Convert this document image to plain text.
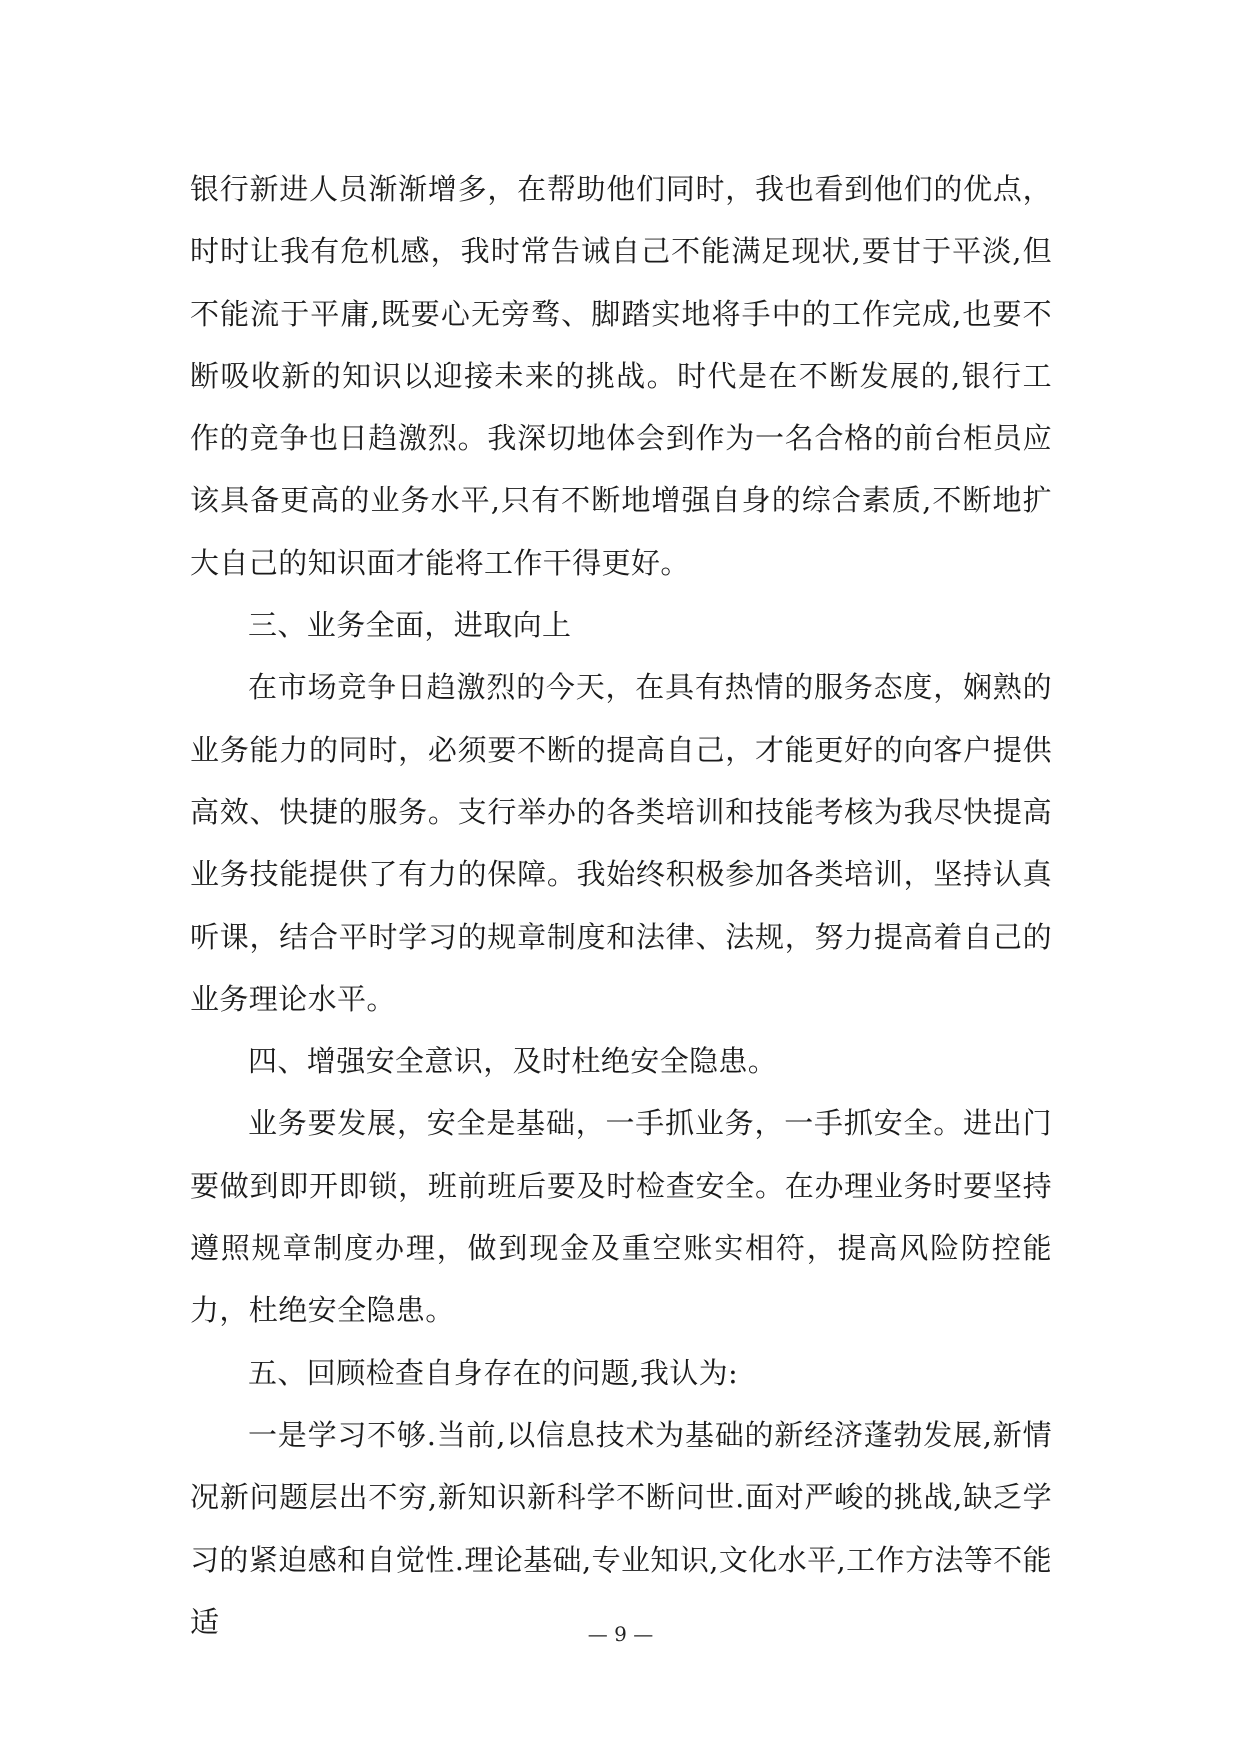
银行新进人员渐渐增多，在帮助他们同时，我也看到他们的优点，时时让我有危机感，我时常告诫自己不能满足现状,要甘于平淡,但不能流于平庸,既要心无旁骛、脚踏实地将手中的工作完成,也要不断吸收新的知识以迎接未来的挑战。时代是在不断发展的,银行工作的竞争也日趋激烈。我深切地体会到作为一名合格的前台柜员应该具备更高的业务水平,只有不断地增强自身的综合素质,不断地扩大自己的知识面才能将工作干得更好。

三、业务全面，进取向上

在市场竞争日趋激烈的今天，在具有热情的服务态度，娴熟的业务能力的同时，必须要不断的提高自己，才能更好的向客户提供高效、快捷的服务。支行举办的各类培训和技能考核为我尽快提高业务技能提供了有力的保障。我始终积极参加各类培训，坚持认真听课，结合平时学习的规章制度和法律、法规，努力提高着自己的业务理论水平。

四、增强安全意识，及时杜绝安全隐患。

业务要发展，安全是基础，一手抓业务，一手抓安全。进出门要做到即开即锁，班前班后要及时检查安全。在办理业务时要坚持遵照规章制度办理，做到现金及重空账实相符，提高风险防控能力，杜绝安全隐患。

五、回顾检查自身存在的问题,我认为:

一是学习不够.当前,以信息技术为基础的新经济蓬勃发展,新情况新问题层出不穷,新知识新科学不断问世.面对严峻的挑战,缺乏学习的紧迫感和自觉性.理论基础,专业知识,文化水平,工作方法等不能适	— 9 —
